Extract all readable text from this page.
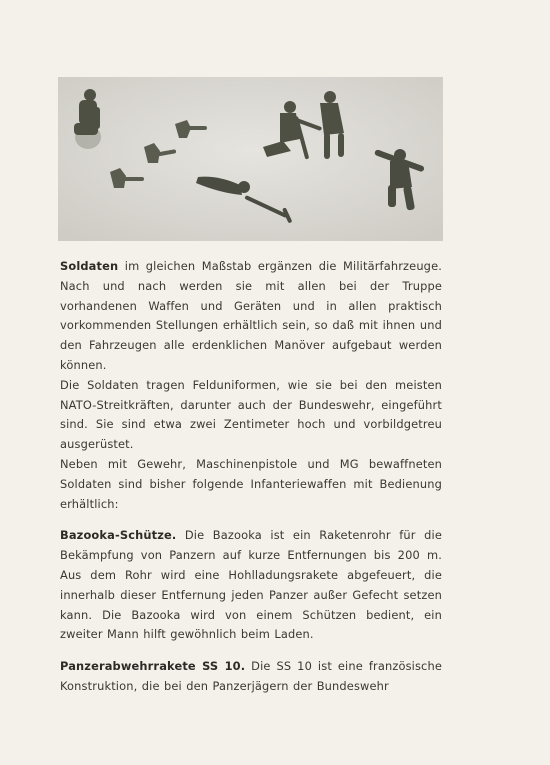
Soldaten im gleichen Maßstab ergänzen die Militärfahrzeuge. Nach und nach werden sie mit allen bei der Truppe vorhandenen Waffen und Geräten und in allen praktisch vorkommenden Stellungen erhältlich sein, so daß mit ihnen und den Fahrzeugen alle erdenklichen Manöver aufgebaut werden können.

Die Soldaten tragen Felduniformen, wie sie bei den meisten NATO-Streitkräften, darunter auch der Bundeswehr, eingeführt sind. Sie sind etwa zwei Zentimeter hoch und vorbildgetreu ausgerüstet.

Neben mit Gewehr, Maschinenpistole und MG bewaffneten Soldaten sind bisher folgende Infanteriewaffen mit Bedienung erhältlich:

Bazooka-Schütze. Die Bazooka ist ein Raketenrohr für die Bekämpfung von Panzern auf kurze Entfernungen bis 200 m. Aus dem Rohr wird eine Hohlladungsrakete abgefeuert, die innerhalb dieser Entfernung jeden Panzer außer Gefecht setzen kann. Die Bazooka wird von einem Schützen bedient, ein zweiter Mann hilft gewöhnlich beim Laden.

Panzerabwehrrakete SS 10. Die SS 10 ist eine französische Konstruktion, die bei den Panzerjägern der Bundeswehr
